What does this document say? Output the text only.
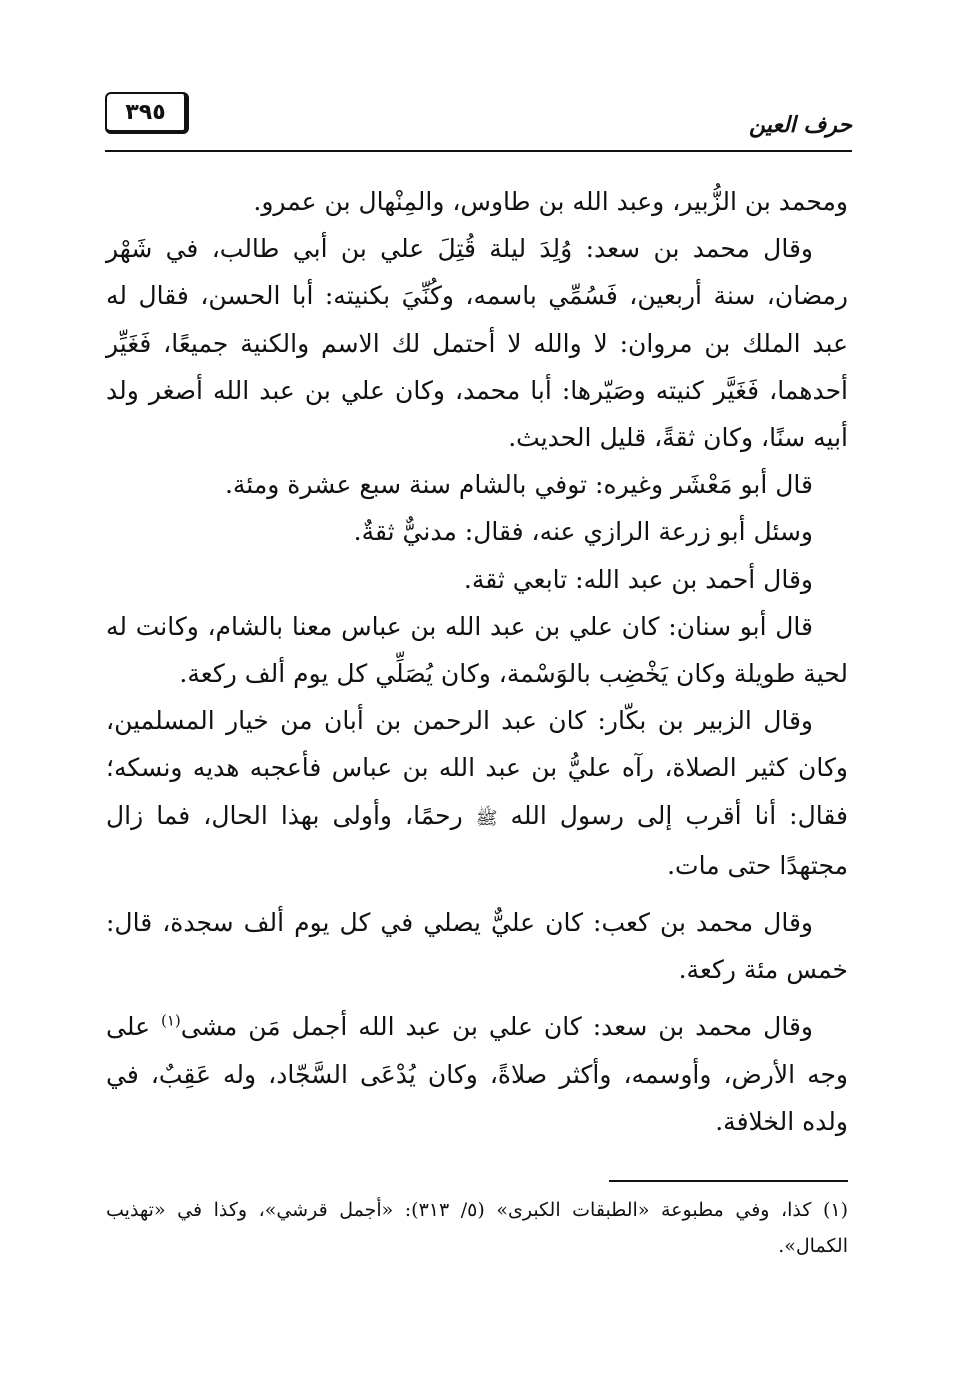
حرف العين
٣٩٥

ومحمد بن الزُّبير، وعبد الله بن طاوس، والمِنْهال بن عمرو.

وقال محمد بن سعد: وُلِدَ ليلة قُتِلَ علي بن أبي طالب، في شَهْر رمضان، سنة أربعين، فَسُمِّي باسمه، وكُنِّيَ بكنيته: أبا الحسن، فقال له عبد الملك بن مروان: لا والله لا أحتمل لك الاسم والكنية جميعًا، فَغَيِّر أحدهما، فَغَيَّر كنيته وصَيّرها: أبا محمد، وكان علي بن عبد الله أصغر ولد أبيه سنًا، وكان ثقةً، قليل الحديث.

قال أبو مَعْشَر وغيره: توفي بالشام سنة سبع عشرة ومئة.

وسئل أبو زرعة الرازي عنه، فقال: مدنيٌّ ثقةٌ.

وقال أحمد بن عبد الله: تابعي ثقة.

قال أبو سنان: كان علي بن عبد الله بن عباس معنا بالشام، وكانت له لحية طويلة وكان يَخْضِب بالوَسْمة، وكان يُصَلِّي كل يوم ألف ركعة.

وقال الزبير بن بكّار: كان عبد الرحمن بن أبان من خيار المسلمين، وكان كثير الصلاة، رآه عليُّ بن عبد الله بن عباس فأعجبه هديه ونسكه؛ فقال: أنا أقرب إلى رسول الله ﷺ رحمًا، وأولى بهذا الحال، فما زال مجتهدًا حتى مات.

وقال محمد بن كعب: كان عليٌّ يصلي في كل يوم ألف سجدة، قال: خمس مئة ركعة.

وقال محمد بن سعد: كان علي بن عبد الله أجمل مَن مشى$^{(١)}$ على وجه الأرض، وأوسمه، وأكثر صلاةً، وكان يُدْعَى السَّجّاد، وله عَقِبٌ، في ولده الخلافة.

(١) كذا، وفي مطبوعة «الطبقات الكبرى» (٥/ ٣١٣): «أجمل قرشي»، وكذا في «تهذيب الكمال».
